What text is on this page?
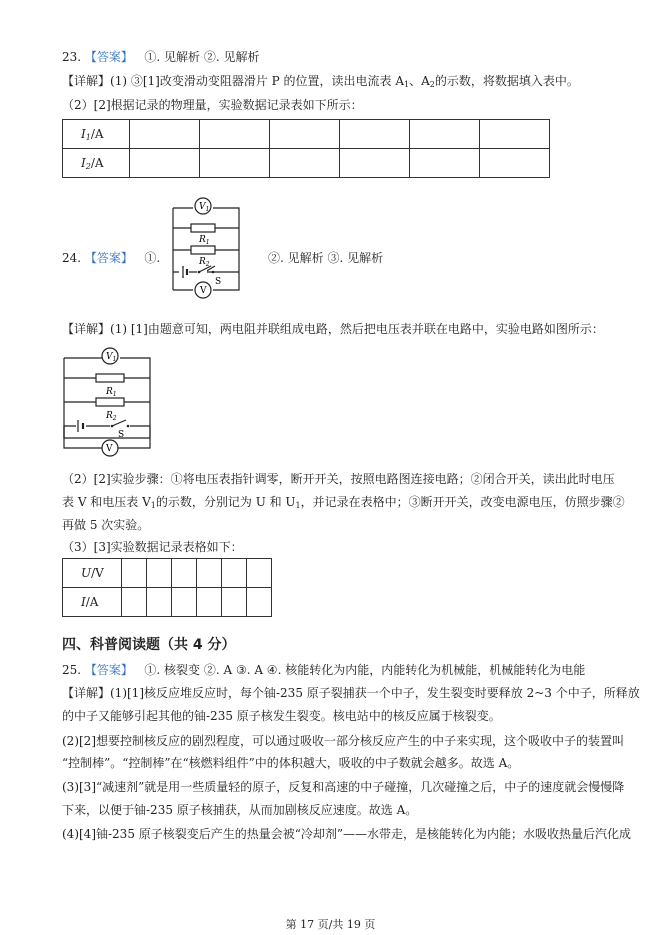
23. 【答案】 ①. 见解析 ②. 见解析
【详解】(1) ③[1]改变滑动变阻器滑片 P 的位置，读出电流表 $A_1$、$A_2$的示数，将数据填入表中。
（2）[2]根据记录的物理量，实验数据记录表如下所示：
$I_1/A$						
$I_2/A$						
24. 【答案】 ①.	②. 见解析 ③. 见解析
$V_1$
$R_1$
$R_2$
S
V
【详解】(1) [1]由题意可知，两电阻并联组成电路，然后把电压表并联在电路中，实验电路如图所示：
$V_1$
$R_1$
$R_2$
S
V
（2）[2]实验步骤：①将电压表指针调零，断开开关，按照电路图连接电路；②闭合开关，读出此时电压
表 V 和电压表 $V_1$的示数，分别记为 U 和 $U_1$，并记录在表格中；③断开开关，改变电源电压，仿照步骤②
再做 5 次实验。
（3）[3]实验数据记录表格如下：
U/V						
I/A						
四、科普阅读题（共 4 分）
25. 【答案】 ①. 核裂变 ②. A ③. A ④. 核能转化为内能，内能转化为机械能，机械能转化为电能
【详解】(1)[1]核反应堆反应时，每个铀-235 原子裂捕获一个中子，发生裂变时要释放 2~3 个中子，所释放
的中子又能够引起其他的铀-235 原子核发生裂变。核电站中的核反应属于核裂变。
(2)[2]想要控制核反应的剧烈程度，可以通过吸收一部分核反应产生的中子来实现，这个吸收中子的装置叫
“控制棒”。“控制棒”在“核燃料组件”中的体积越大，吸收的中子数就会越多。故选 A。
(3)[3]“减速剂”就是用一些质量轻的原子，反复和高速的中子碰撞，几次碰撞之后，中子的速度就会慢慢降
下来，以便于铀-235 原子核捕获，从而加剧核反应速度。故选 A。
(4)[4]铀-235 原子核裂变后产生的热量会被“冷却剂”——水带走，是核能转化为内能；水吸收热量后汽化成
第 17 页/共 19 页
